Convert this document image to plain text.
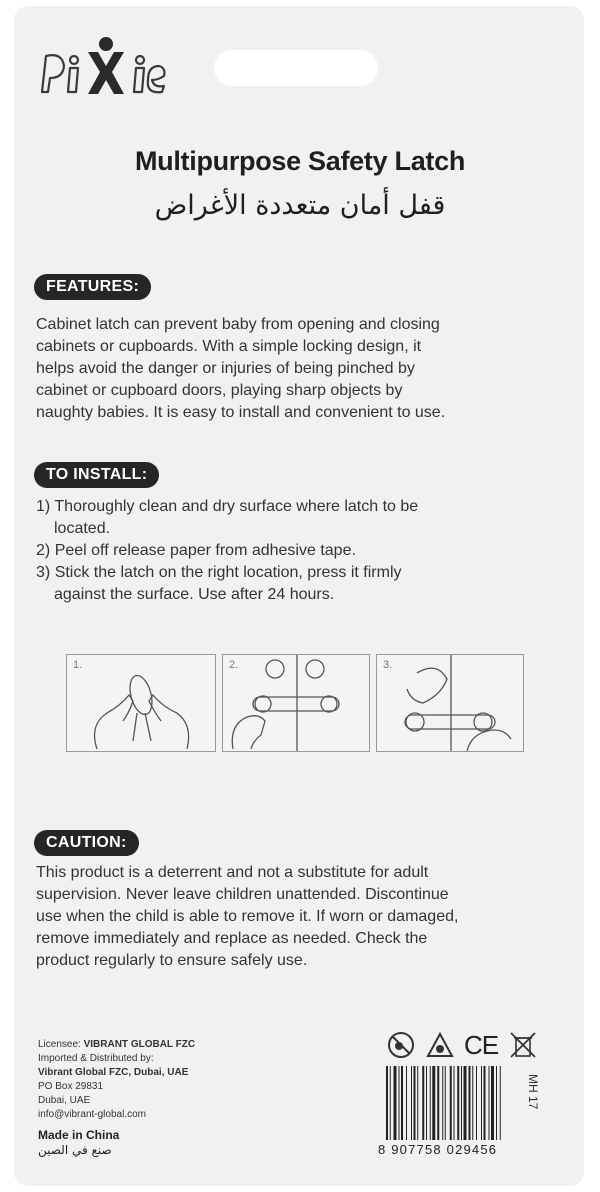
Multipurpose Safety Latch
قفل أمان متعددة الأغراض
FEATURES:
Cabinet latch can prevent baby from opening and closing
cabinets or cupboards. With a simple locking design, it
helps avoid the danger or injuries of being pinched by
cabinet or cupboard doors, playing sharp objects by
naughty babies. It is easy to install and convenient to use.
TO INSTALL:
1) Thoroughly clean and dry surface where latch to be
located.
2) Peel off release paper from adhesive tape.
3) Stick the latch on the right location, press it firmly
against the surface. Use after 24 hours.
1.	2.	3.
CAUTION:
This product is a deterrent and not a substitute for adult
supervision. Never leave children unattended. Discontinue
use when the child is able to remove it. If worn or damaged,
remove immediately and replace as needed. Check the
product regularly to ensure safely use.
Licensee: VIBRANT GLOBAL FZC
Imported & Distributed by:
Vibrant Global FZC, Dubai, UAE
PO Box 29831
Dubai, UAE
info@vibrant-global.com
Made in China
صنع في الصين
CE
8 907758 029456
MH 17
